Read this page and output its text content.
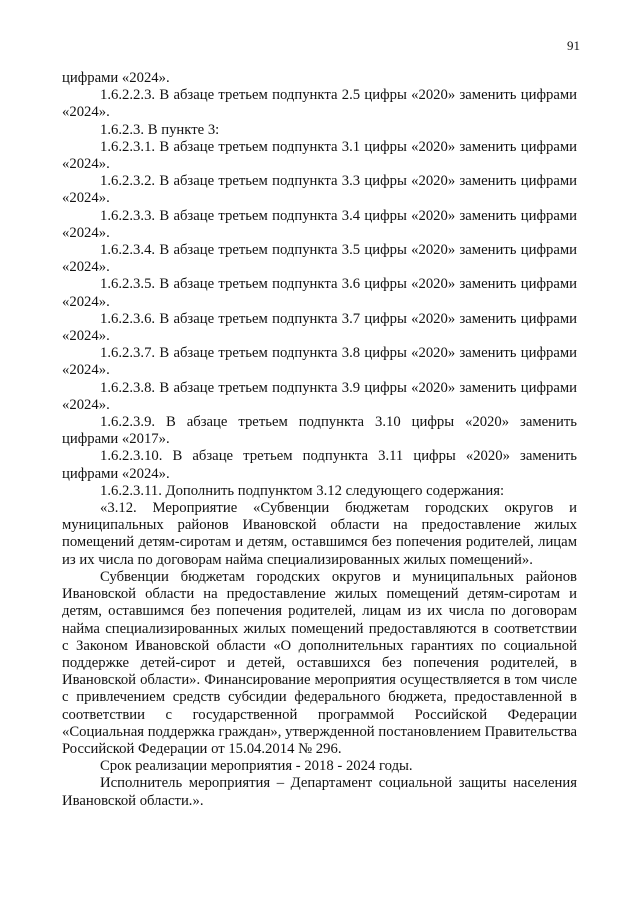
91

цифрами «2024».

1.6.2.2.3. В абзаце третьем подпункта 2.5 цифры «2020» заменить цифрами «2024».

1.6.2.3. В пункте 3:

1.6.2.3.1. В абзаце третьем подпункта 3.1 цифры «2020» заменить цифрами «2024».

1.6.2.3.2. В абзаце третьем подпункта 3.3 цифры «2020» заменить цифрами «2024».

1.6.2.3.3. В абзаце третьем подпункта 3.4 цифры «2020» заменить цифрами «2024».

1.6.2.3.4. В абзаце третьем подпункта 3.5 цифры «2020» заменить цифрами «2024».

1.6.2.3.5. В абзаце третьем подпункта 3.6 цифры «2020» заменить цифрами «2024».

1.6.2.3.6. В абзаце третьем подпункта 3.7 цифры «2020» заменить цифрами «2024».

1.6.2.3.7. В абзаце третьем подпункта 3.8 цифры «2020» заменить цифрами «2024».

1.6.2.3.8. В абзаце третьем подпункта 3.9 цифры «2020» заменить цифрами «2024».

1.6.2.3.9. В абзаце третьем подпункта 3.10 цифры «2020» заменить цифрами «2017».

1.6.2.3.10. В абзаце третьем подпункта 3.11 цифры «2020» заменить цифрами «2024».

1.6.2.3.11. Дополнить подпунктом 3.12 следующего содержания:

«3.12. Мероприятие «Субвенции бюджетам городских округов и муниципальных районов Ивановской области на предоставление жилых помещений детям-сиротам и детям, оставшимся без попечения родителей, лицам из их числа по договорам найма специализированных жилых помещений».

Субвенции бюджетам городских округов и муниципальных районов Ивановской области на предоставление жилых помещений детям-сиротам и детям, оставшимся без попечения родителей, лицам из их числа по договорам найма специализированных жилых помещений предоставляются в соответствии с Законом Ивановской области «О дополнительных гарантиях по социальной поддержке детей-сирот и детей, оставшихся без попечения родителей, в Ивановской области». Финансирование мероприятия осуществляется в том числе с привлечением средств субсидии федерального бюджета, предоставленной в соответствии с государственной программой Российской Федерации «Социальная поддержка граждан», утвержденной постановлением Правительства Российской Федерации от 15.04.2014 № 296.

Срок реализации мероприятия - 2018 - 2024 годы.

Исполнитель мероприятия – Департамент социальной защиты населения Ивановской области.».
